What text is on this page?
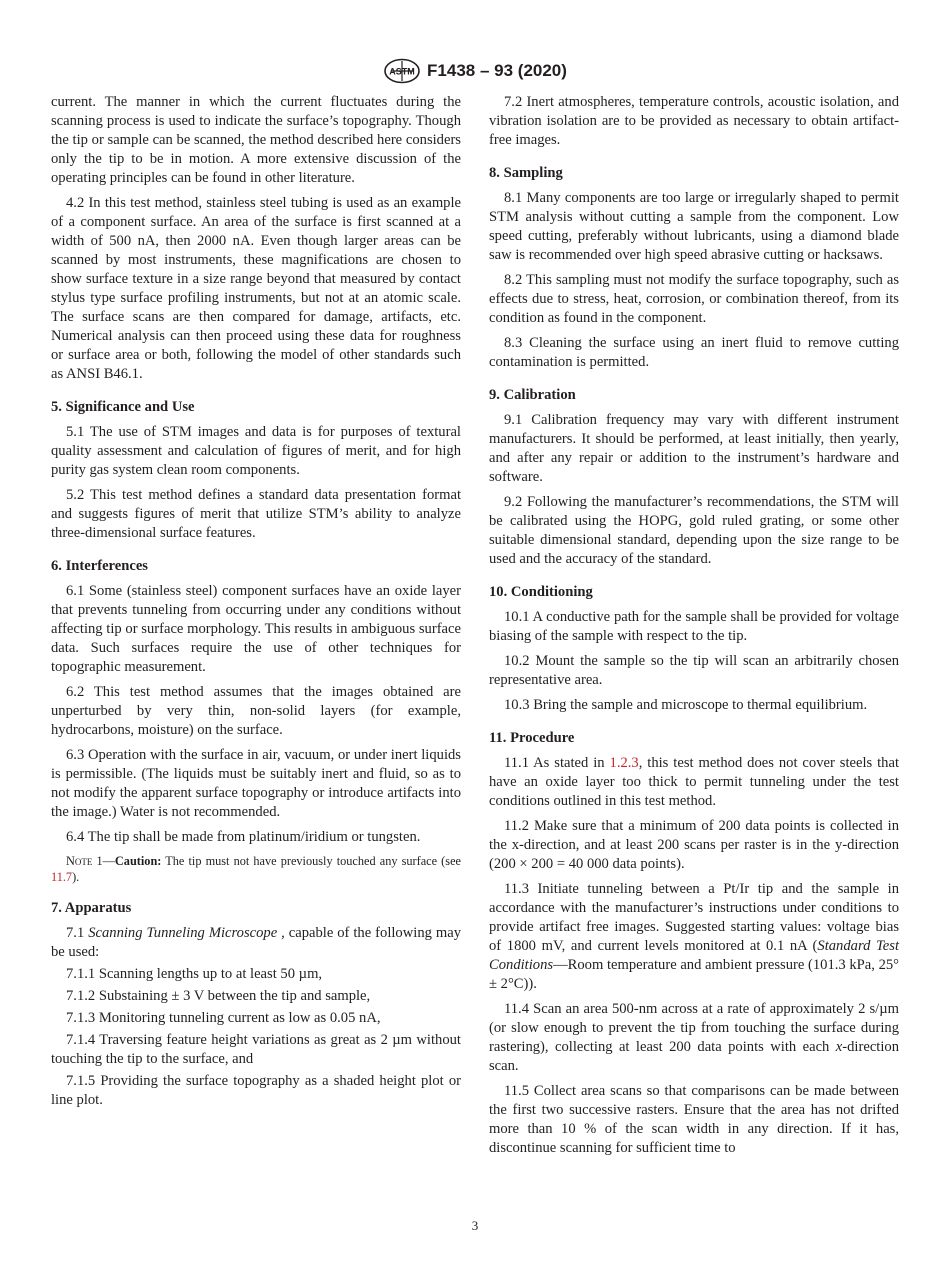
ASTM F1438 – 93 (2020)

current. The manner in which the current fluctuates during the scanning process is used to indicate the surface’s topography. Though the tip or sample can be scanned, the method described here considers only the tip to be in motion. A more extensive discussion of the operating principles can be found in other literature.

4.2 In this test method, stainless steel tubing is used as an example of a component surface. An area of the surface is first scanned at a width of 500 nA, then 2000 nA. Even though larger areas can be scanned by most instruments, these magnifications are chosen to show surface texture in a size range beyond that measured by contact stylus type surface profiling instruments, but not at an atomic scale. The surface scans are then compared for damage, artifacts, etc. Numerical analysis can then proceed using these data for roughness or surface area or both, following the model of other standards such as ANSI B46.1.

5. Significance and Use

5.1 The use of STM images and data is for purposes of textural quality assessment and calculation of figures of merit, and for high purity gas system clean room components.

5.2 This test method defines a standard data presentation format and suggests figures of merit that utilize STM’s ability to analyze three-dimensional surface features.

6. Interferences

6.1 Some (stainless steel) component surfaces have an oxide layer that prevents tunneling from occurring under any conditions without affecting tip or surface morphology. This results in ambiguous surface data. Such surfaces require the use of other techniques for topographic measurement.

6.2 This test method assumes that the images obtained are unperturbed by very thin, non-solid layers (for example, hydrocarbons, moisture) on the surface.

6.3 Operation with the surface in air, vacuum, or under inert liquids is permissible. (The liquids must be suitably inert and fluid, so as to not modify the apparent surface topography or introduce artifacts into the image.) Water is not recommended.

6.4 The tip shall be made from platinum/iridium or tungsten.

Note 1—Caution: The tip must not have previously touched any surface (see 11.7).

7. Apparatus

7.1 Scanning Tunneling Microscope , capable of the following may be used:

7.1.1 Scanning lengths up to at least 50 µm,

7.1.2 Substaining ± 3 V between the tip and sample,

7.1.3 Monitoring tunneling current as low as 0.05 nA,

7.1.4 Traversing feature height variations as great as 2 µm without touching the tip to the surface, and

7.1.5 Providing the surface topography as a shaded height plot or line plot.

7.2 Inert atmospheres, temperature controls, acoustic isolation, and vibration isolation are to be provided as necessary to obtain artifact-free images.

8. Sampling

8.1 Many components are too large or irregularly shaped to permit STM analysis without cutting a sample from the component. Low speed cutting, preferably without lubricants, using a diamond blade saw is recommended over high speed abrasive cutting or hacksaws.

8.2 This sampling must not modify the surface topography, such as effects due to stress, heat, corrosion, or combination thereof, from its condition as found in the component.

8.3 Cleaning the surface using an inert fluid to remove cutting contamination is permitted.

9. Calibration

9.1 Calibration frequency may vary with different instrument manufacturers. It should be performed, at least initially, then yearly, and after any repair or addition to the instrument’s hardware and software.

9.2 Following the manufacturer’s recommendations, the STM will be calibrated using the HOPG, gold ruled grating, or some other suitable dimensional standard, depending upon the size range to be used and the accuracy of the standard.

10. Conditioning

10.1 A conductive path for the sample shall be provided for voltage biasing of the sample with respect to the tip.

10.2 Mount the sample so the tip will scan an arbitrarily chosen representative area.

10.3 Bring the sample and microscope to thermal equilibrium.

11. Procedure

11.1 As stated in 1.2.3, this test method does not cover steels that have an oxide layer too thick to permit tunneling under the test conditions outlined in this test method.

11.2 Make sure that a minimum of 200 data points is collected in the x-direction, and at least 200 scans per raster is in the y-direction (200 × 200 = 40 000 data points).

11.3 Initiate tunneling between a Pt/Ir tip and the sample in accordance with the manufacturer’s instructions under conditions to provide artifact free images. Suggested starting values: voltage bias of 1800 mV, and current levels monitored at 0.1 nA (Standard Test Conditions—Room temperature and ambient pressure (101.3 kPa, 25° ± 2°C)).

11.4 Scan an area 500-nm across at a rate of approximately 2 s/µm (or slow enough to prevent the tip from touching the surface during rastering), collecting at least 200 data points with each x-direction scan.

11.5 Collect area scans so that comparisons can be made between the first two successive rasters. Ensure that the area has not drifted more than 10 % of the scan width in any direction. If it has, discontinue scanning for sufficient time to

3
